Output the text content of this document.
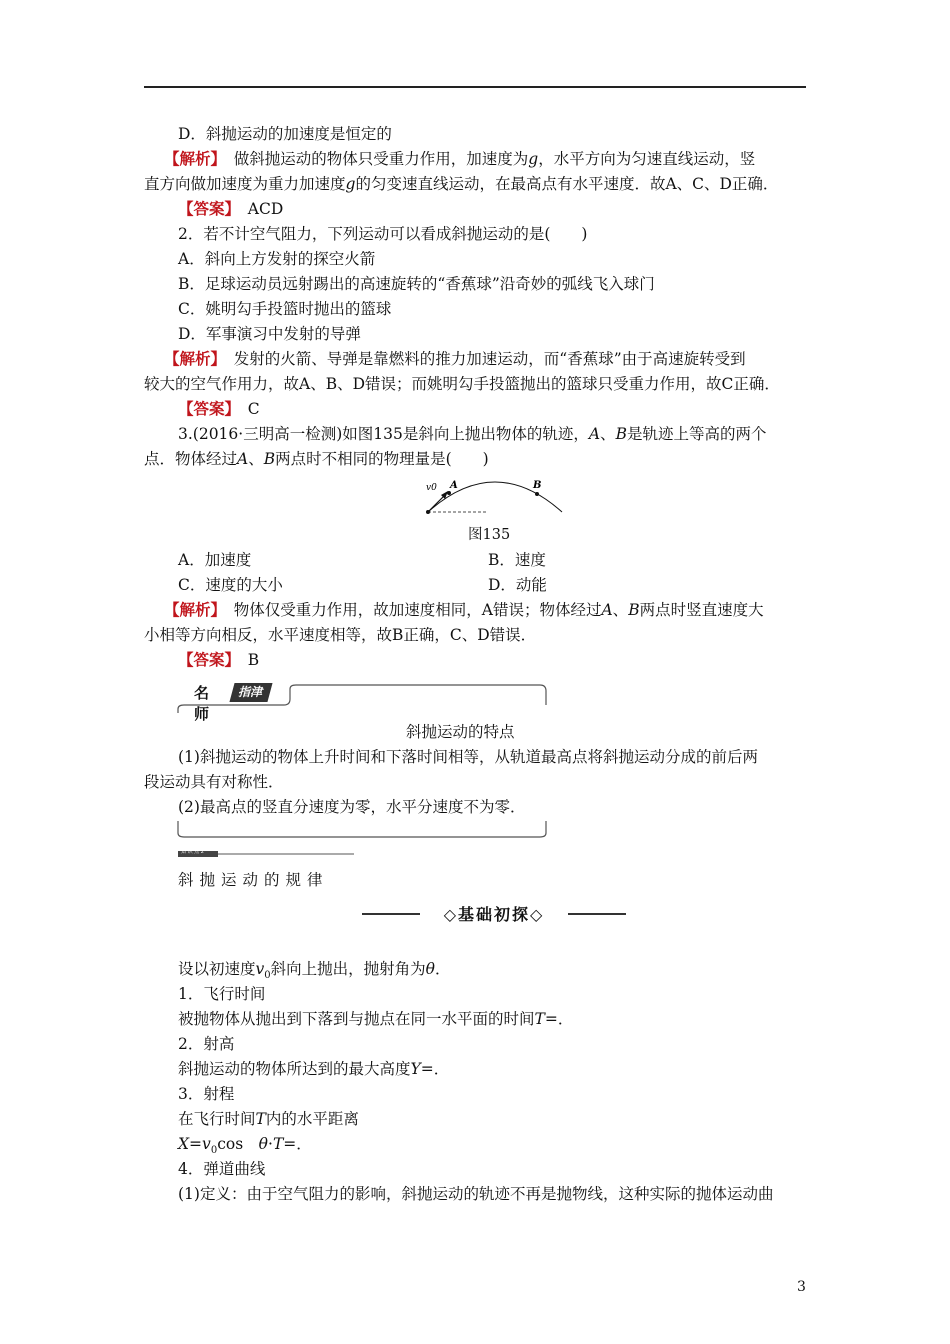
D．斜抛运动的加速度是恒定的
【解析】　做斜抛运动的物体只受重力作用，加速度为g，水平方向为匀速直线运动，竖
直方向做加速度为重力加速度g的匀变速直线运动，在最高点有水平速度．故A、C、D正确．
【答案】　ACD
2．若不计空气阻力，下列运动可以看成斜抛运动的是(　　)
A．斜向上方发射的探空火箭
B．足球运动员远射踢出的高速旋转的“香蕉球”沿奇妙的弧线飞入球门
C．姚明勾手投篮时抛出的篮球
D．军事演习中发射的导弹
【解析】　发射的火箭、导弹是靠燃料的推力加速运动，而“香蕉球”由于高速旋转受到
较大的空气作用力，故A、B、D错误；而姚明勾手投篮抛出的篮球只受重力作用，故C正确．
【答案】　C
3.(2016·三明高一检测)如图135是斜向上抛出物体的轨迹，A、B是轨迹上等高的两个
点．物体经过A、B两点时不相同的物理量是(　　)
v0 A	B
图135
A．加速度	B．速度
C．速度的大小	D．动能
【解析】　物体仅受重力作用，故加速度相同，A错误；物体经过A、B两点时竖直速度大
小相等方向相反，水平速度相等，故B正确，C、D错误．
【答案】　B
名师
指津
斜抛运动的特点
(1)斜抛运动的物体上升时间和下落时间相等，从轨道最高点将斜抛运动分成的前后两
段运动具有对称性．
(2)最高点的竖直分速度为零，水平分速度不为零．
知 识 点 2
斜抛运动的规律
◇基础初探◇
设以初速度$v_0$斜向上抛出，抛射角为θ．
1．飞行时间
被抛物体从抛出到下落到与抛点在同一水平面的时间T=．
2．射高
斜抛运动的物体所达到的最大高度Y=．
3．射程
在飞行时间T内的水平距离
$X=v_0\cos$　θ·T=．
4．弹道曲线
(1)定义：由于空气阻力的影响，斜抛运动的轨迹不再是抛物线，这种实际的抛体运动曲
3
